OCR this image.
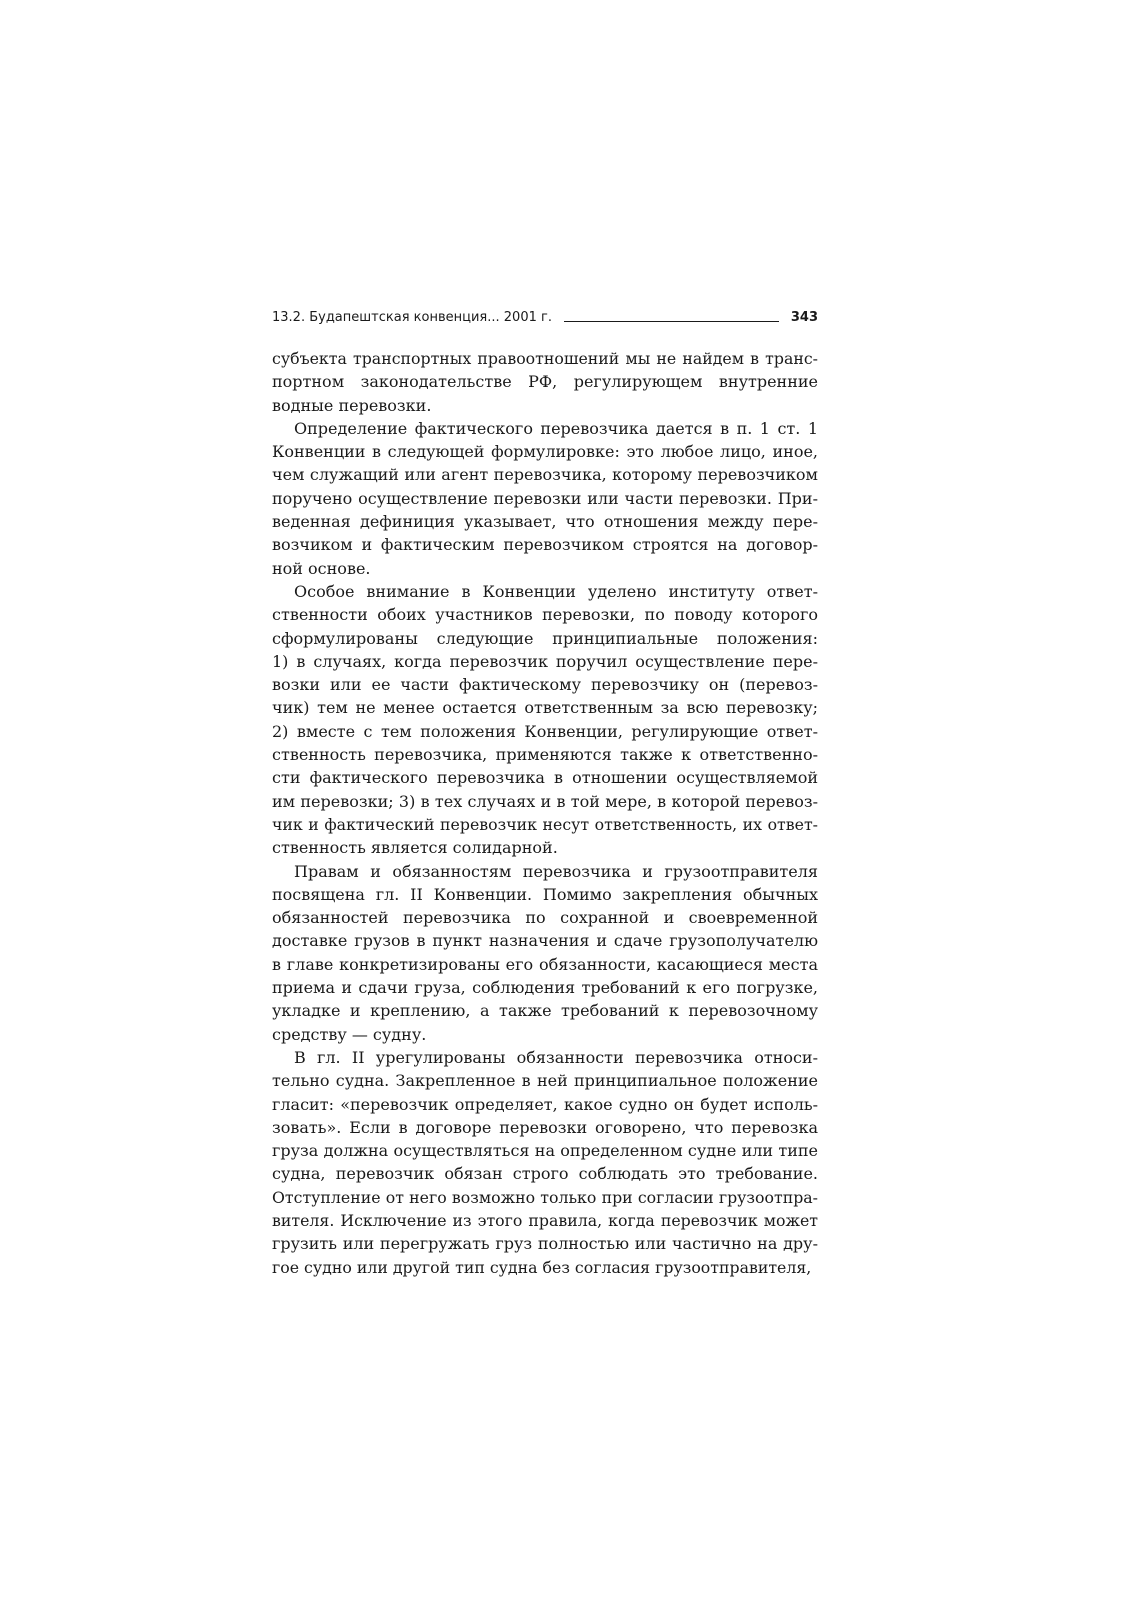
13.2. Будапештская конвенция... 2001 г.	343
субъекта транспортных правоотношений мы не найдем в транс-
портном законодательстве РФ, регулирующем внутренние
водные перевозки.
Определение фактического перевозчика дается в п. 1 ст. 1
Конвенции в следующей формулировке: это любое лицо, иное,
чем служащий или агент перевозчика, которому перевозчиком
поручено осуществление перевозки или части перевозки. При-
веденная дефиниция указывает, что отношения между пере-
возчиком и фактическим перевозчиком строятся на договор-
ной основе.
Особое внимание в Конвенции уделено институту ответ-
ственности обоих участников перевозки, по поводу которого
сформулированы следующие принципиальные положения:
1) в случаях, когда перевозчик поручил осуществление пере-
возки или ее части фактическому перевозчику он (перевоз-
чик) тем не менее остается ответственным за всю перевозку;
2) вместе с тем положения Конвенции, регулирующие ответ-
ственность перевозчика, применяются также к ответственно-
сти фактического перевозчика в отношении осуществляемой
им перевозки; 3) в тех случаях и в той мере, в которой перевоз-
чик и фактический перевозчик несут ответственность, их ответ-
ственность является солидарной.
Правам и обязанностям перевозчика и грузоотправителя
посвящена гл. II Конвенции. Помимо закрепления обычных
обязанностей перевозчика по сохранной и своевременной
доставке грузов в пункт назначения и сдаче грузополучателю
в главе конкретизированы его обязанности, касающиеся места
приема и сдачи груза, соблюдения требований к его погрузке,
укладке и креплению, а также требований к перевозочному
средству — судну.
В гл. II урегулированы обязанности перевозчика относи-
тельно судна. Закрепленное в ней принципиальное положение
гласит: «перевозчик определяет, какое судно он будет исполь-
зовать». Если в договоре перевозки оговорено, что перевозка
груза должна осуществляться на определенном судне или типе
судна, перевозчик обязан строго соблюдать это требование.
Отступление от него возможно только при согласии грузоотпра-
вителя. Исключение из этого правила, когда перевозчик может
грузить или перегружать груз полностью или частично на дру-
гое судно или другой тип судна без согласия грузоотправителя,
